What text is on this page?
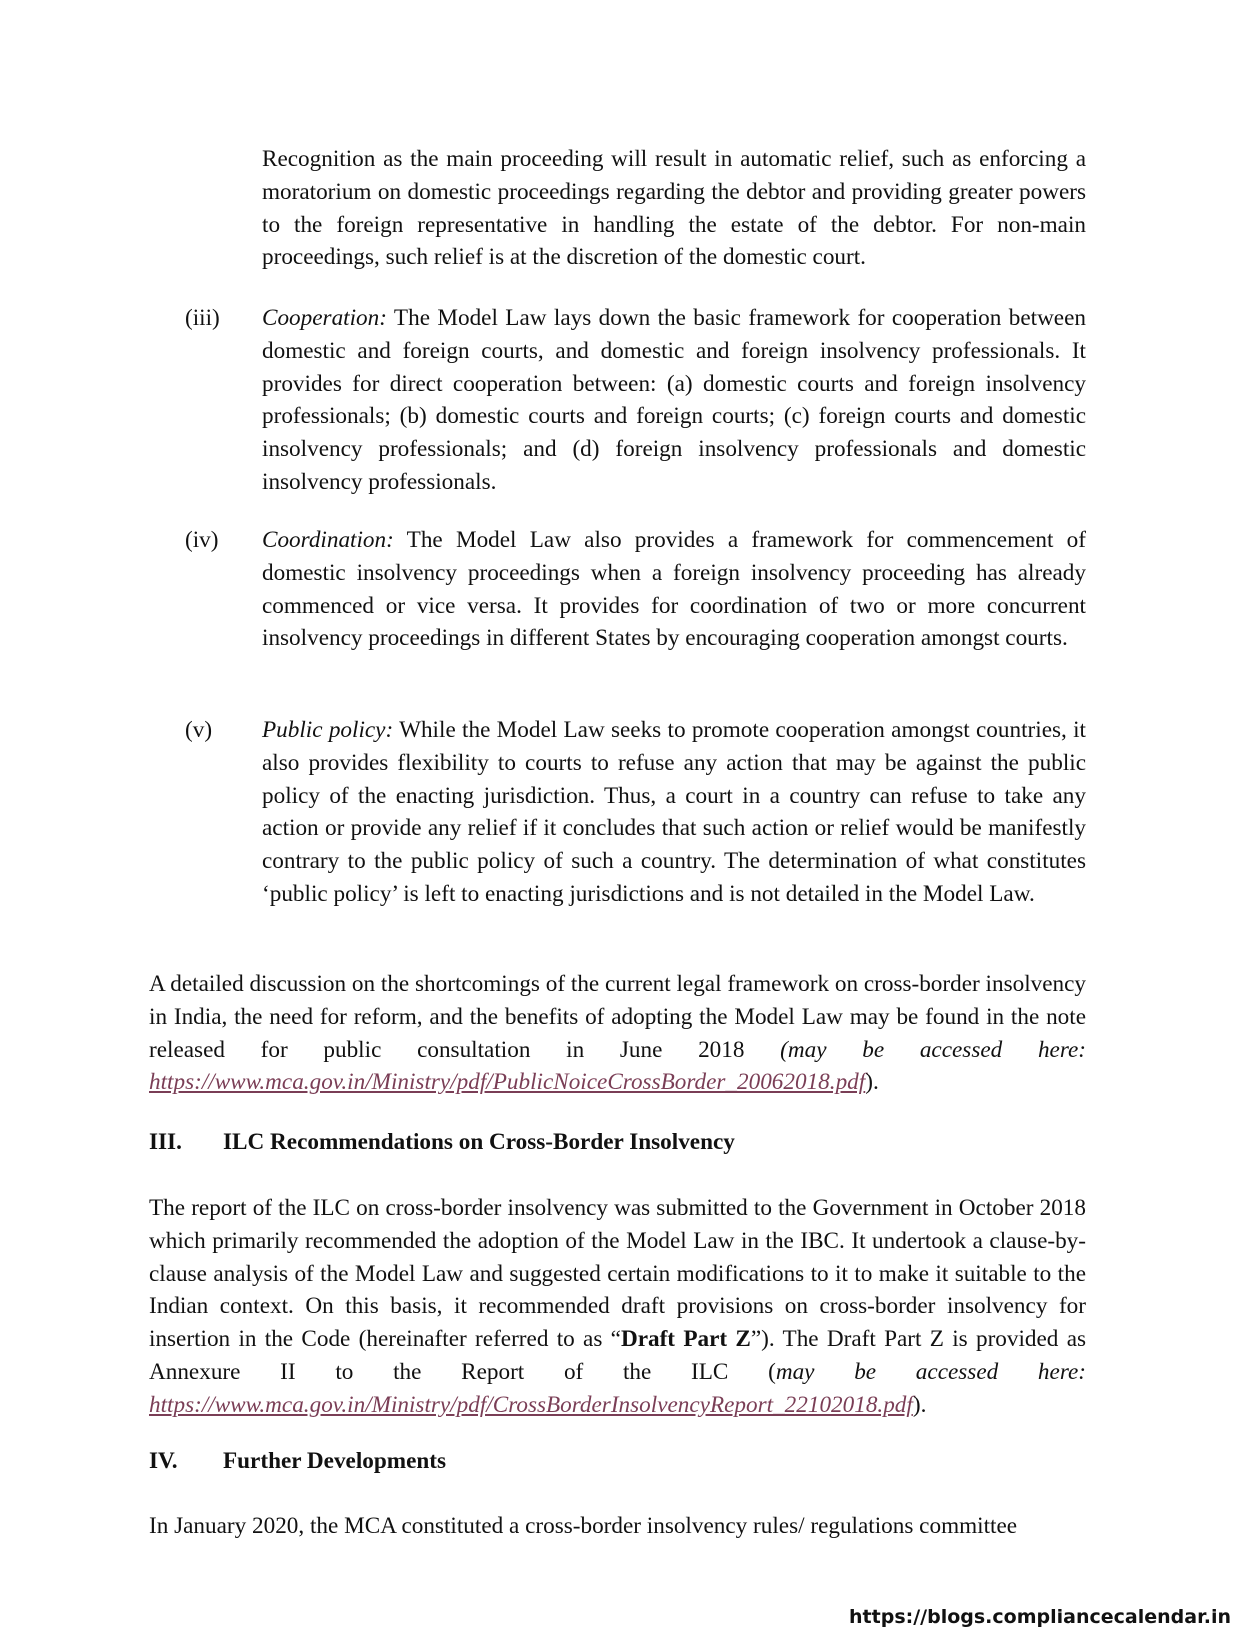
Recognition as the main proceeding will result in automatic relief, such as enforcing a moratorium on domestic proceedings regarding the debtor and providing greater powers to the foreign representative in handling the estate of the debtor. For non-main proceedings, such relief is at the discretion of the domestic court.
(iii) Cooperation: The Model Law lays down the basic framework for cooperation between domestic and foreign courts, and domestic and foreign insolvency professionals. It provides for direct cooperation between: (a) domestic courts and foreign insolvency professionals; (b) domestic courts and foreign courts; (c) foreign courts and domestic insolvency professionals; and (d) foreign insolvency professionals and domestic insolvency professionals.
(iv) Coordination: The Model Law also provides a framework for commencement of domestic insolvency proceedings when a foreign insolvency proceeding has already commenced or vice versa. It provides for coordination of two or more concurrent insolvency proceedings in different States by encouraging cooperation amongst courts.
(v) Public policy: While the Model Law seeks to promote cooperation amongst countries, it also provides flexibility to courts to refuse any action that may be against the public policy of the enacting jurisdiction. Thus, a court in a country can refuse to take any action or provide any relief if it concludes that such action or relief would be manifestly contrary to the public policy of such a country. The determination of what constitutes ‘public policy’ is left to enacting jurisdictions and is not detailed in the Model Law.
A detailed discussion on the shortcomings of the current legal framework on cross-border insolvency in India, the need for reform, and the benefits of adopting the Model Law may be found in the note released for public consultation in June 2018 (may be accessed here: https://www.mca.gov.in/Ministry/pdf/PublicNoiceCrossBorder_20062018.pdf).
III. ILC Recommendations on Cross-Border Insolvency
The report of the ILC on cross-border insolvency was submitted to the Government in October 2018 which primarily recommended the adoption of the Model Law in the IBC. It undertook a clause-by-clause analysis of the Model Law and suggested certain modifications to it to make it suitable to the Indian context. On this basis, it recommended draft provisions on cross-border insolvency for insertion in the Code (hereinafter referred to as “Draft Part Z”). The Draft Part Z is provided as Annexure II to the Report of the ILC (may be accessed here: https://www.mca.gov.in/Ministry/pdf/CrossBorderInsolvencyReport_22102018.pdf).
IV. Further Developments
In January 2020, the MCA constituted a cross-border insolvency rules/ regulations committee
https://blogs.compliancecalendar.in
